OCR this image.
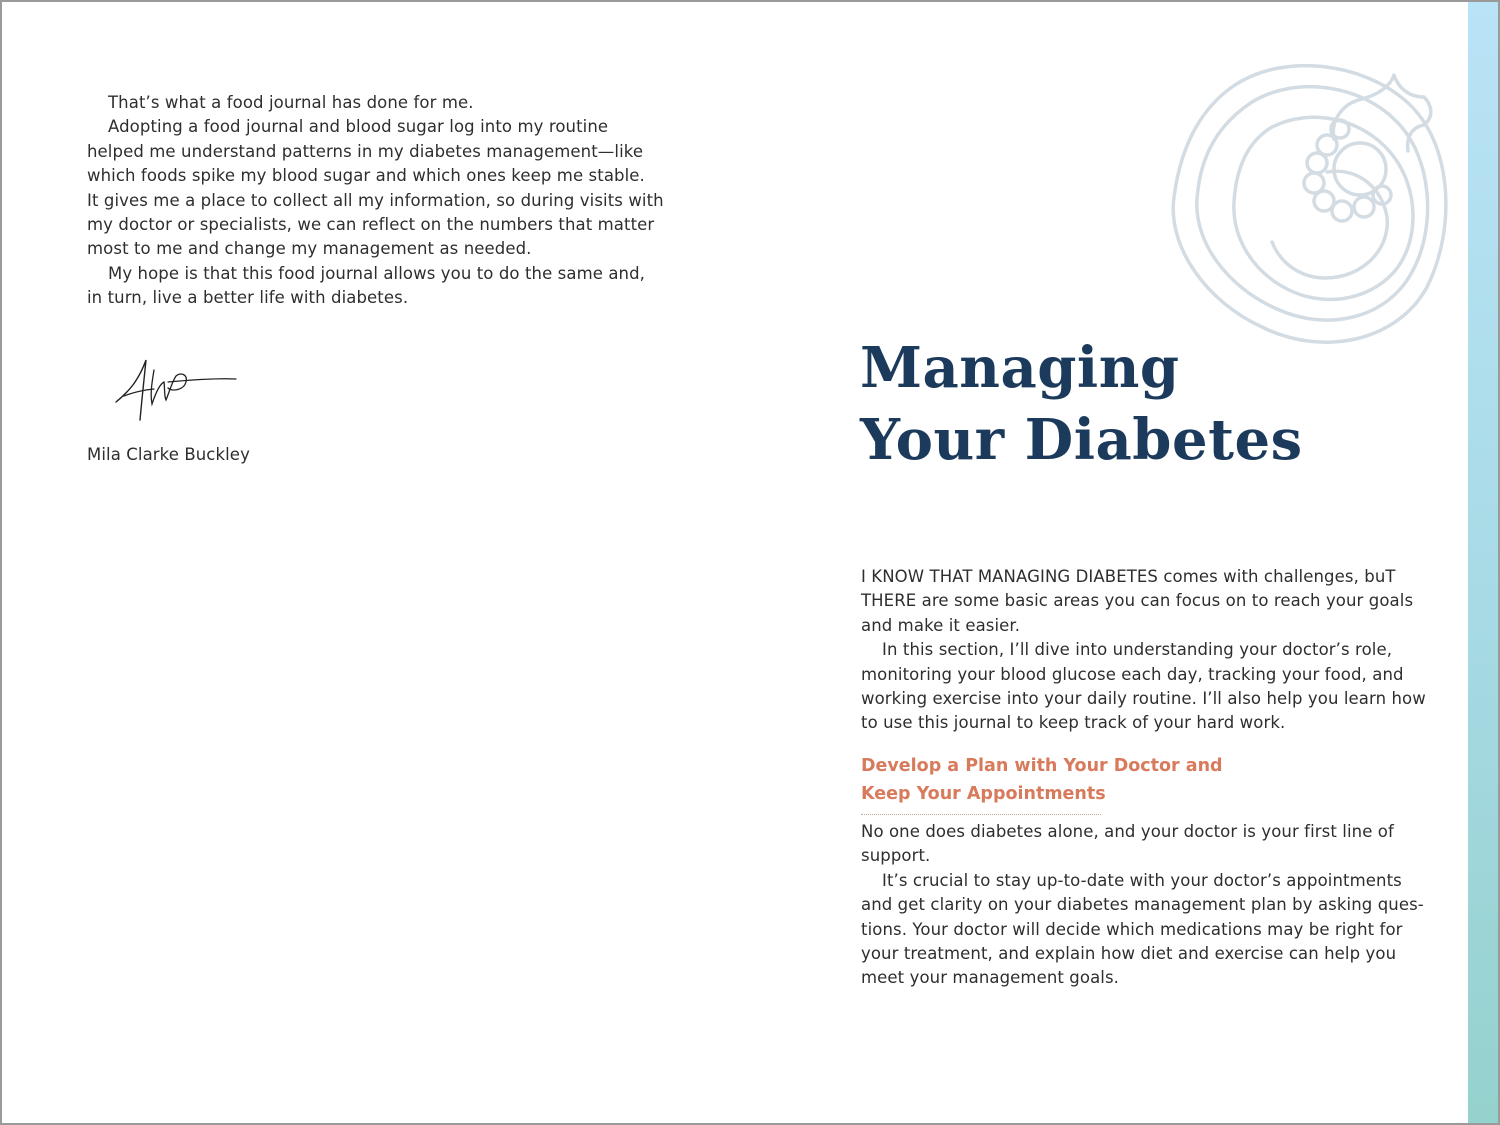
That’s what a food journal has done for me.

Adopting a food journal and blood sugar log into my routine
helped me understand patterns in my diabetes management—like
which foods spike my blood sugar and which ones keep me stable.
It gives me a place to collect all my information, so during visits with
my doctor or specialists, we can reflect on the numbers that matter
most to me and change my management as needed.

My hope is that this food journal allows you to do the same and,
in turn, live a better life with diabetes.

Mila Clarke Buckley
Managing
Your Diabetes

I KNOW THAT MANAGING DIABETES comes with challenges, buT
THERE are some basic areas you can focus on to reach your goals
and make it easier.

In this section, I’ll dive into understanding your doctor’s role,
monitoring your blood glucose each day, tracking your food, and
working exercise into your daily routine. I’ll also help you learn how
to use this journal to keep track of your hard work.

Develop a Plan with Your Doctor and
Keep Your Appointments

No one does diabetes alone, and your doctor is your first line of
support.

It’s crucial to stay up-to-date with your doctor’s appointments
and get clarity on your diabetes management plan by asking ques-
tions. Your doctor will decide which medications may be right for
your treatment, and explain how diet and exercise can help you
meet your management goals.
